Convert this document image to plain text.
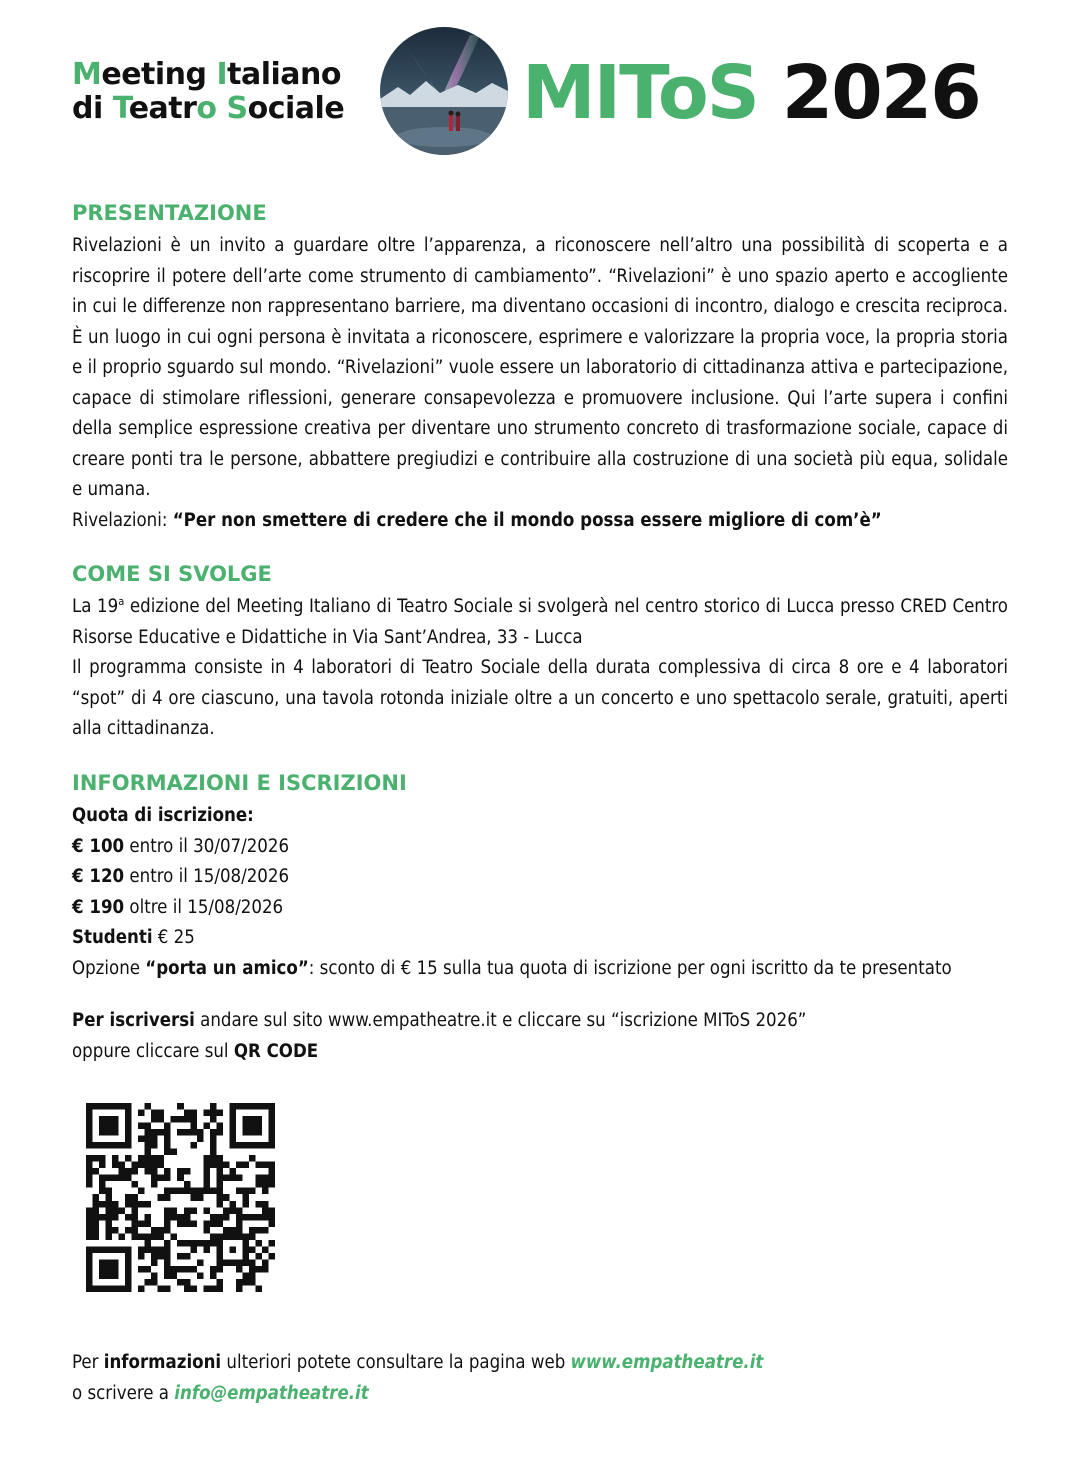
Meeting Italiano
di Teatro Sociale MIToS 2026
PRESENTAZIONE
Rivelazioni è un invito a guardare oltre l’apparenza, a riconoscere nell’altro una possibilità di scoperta e a riscoprire il potere dell’arte come strumento di cambiamento”. “Rivelazioni” è uno spazio aperto e accogliente in cui le differenze non rappresentano barriere, ma diventano occasioni di incontro, dialogo e crescita reciproca. È un luogo in cui ogni persona è invitata a riconoscere, esprimere e valorizzare la propria voce, la propria storia e il proprio sguardo sul mondo. “Rivelazioni” vuole essere un laboratorio di cittadinanza attiva e partecipazione, capace di stimolare riflessioni, generare consapevolezza e promuovere inclusione. Qui l’arte supera i confini della semplice espressione creativa per diventare uno strumento concreto di trasformazione sociale, capace di creare ponti tra le persone, abbattere pregiudizi e contribuire alla costruzione di una società più equa, solidale e umana.
Rivelazioni: “Per non smettere di credere che il mondo possa essere migliore di com’è”
COME SI SVOLGE
La 19$^a$ edizione del Meeting Italiano di Teatro Sociale si svolgerà nel centro storico di Lucca presso CRED Centro Risorse Educative e Didattiche in Via Sant’Andrea, 33 - Lucca
Il programma consiste in 4 laboratori di Teatro Sociale della durata complessiva di circa 8 ore e 4 laboratori “spot” di 4 ore ciascuno, una tavola rotonda iniziale oltre a un concerto e uno spettacolo serale, gratuiti, aperti alla cittadinanza.
INFORMAZIONI E ISCRIZIONI
Quota di iscrizione:
€ 100 entro il 30/07/2026
€ 120 entro il 15/08/2026
€ 190 oltre il 15/08/2026
Studenti € 25
Opzione “porta un amico”: sconto di € 15 sulla tua quota di iscrizione per ogni iscritto da te presentato
Per iscriversi andare sul sito www.empatheatre.it e cliccare su “iscrizione MIToS 2026”
oppure cliccare sul QR CODE
Per informazioni ulteriori potete consultare la pagina web www.empatheatre.it
o scrivere a info@empatheatre.it
